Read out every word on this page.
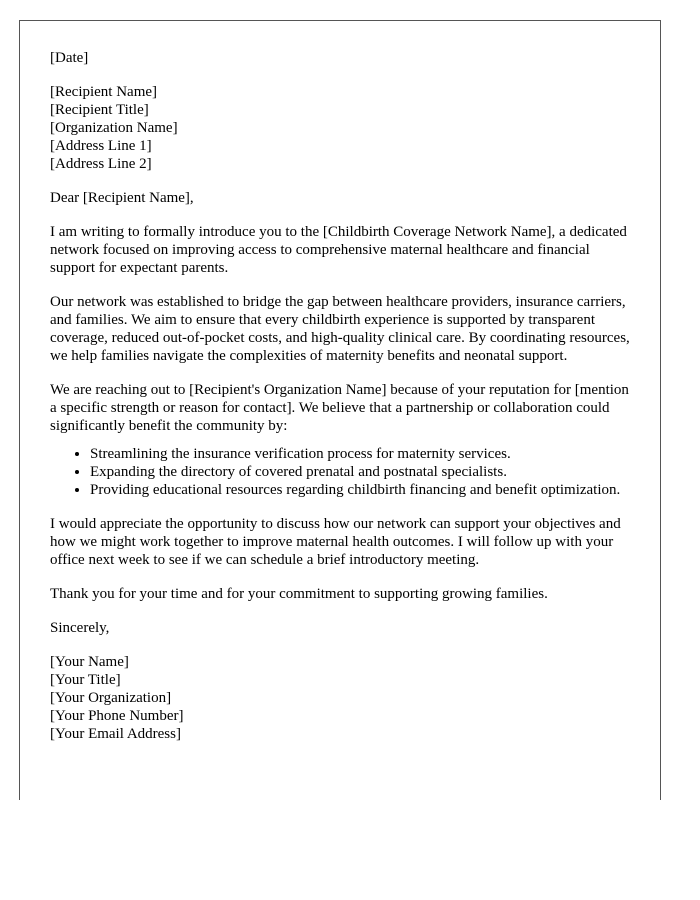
[Date]
[Recipient Name]
[Recipient Title]
[Organization Name]
[Address Line 1]
[Address Line 2]

Dear [Recipient Name],

I am writing to formally introduce you to the [Childbirth Coverage Network Name], a dedicated network focused on improving access to comprehensive maternal healthcare and financial support for expectant parents.

Our network was established to bridge the gap between healthcare providers, insurance carriers, and families. We aim to ensure that every childbirth experience is supported by transparent coverage, reduced out-of-pocket costs, and high-quality clinical care. By coordinating resources, we help families navigate the complexities of maternity benefits and neonatal support.

We are reaching out to [Recipient's Organization Name] because of your reputation for [mention a specific strength or reason for contact]. We believe that a partnership or collaboration could significantly benefit the community by:

• Streamlining the insurance verification process for maternity services.
• Expanding the directory of covered prenatal and postnatal specialists.
• Providing educational resources regarding childbirth financing and benefit optimization.

I would appreciate the opportunity to discuss how our network can support your objectives and how we might work together to improve maternal health outcomes. I will follow up with your office next week to see if we can schedule a brief introductory meeting.

Thank you for your time and for your commitment to supporting growing families.

Sincerely,

[Your Name]
[Your Title]
[Your Organization]
[Your Phone Number]
[Your Email Address]
